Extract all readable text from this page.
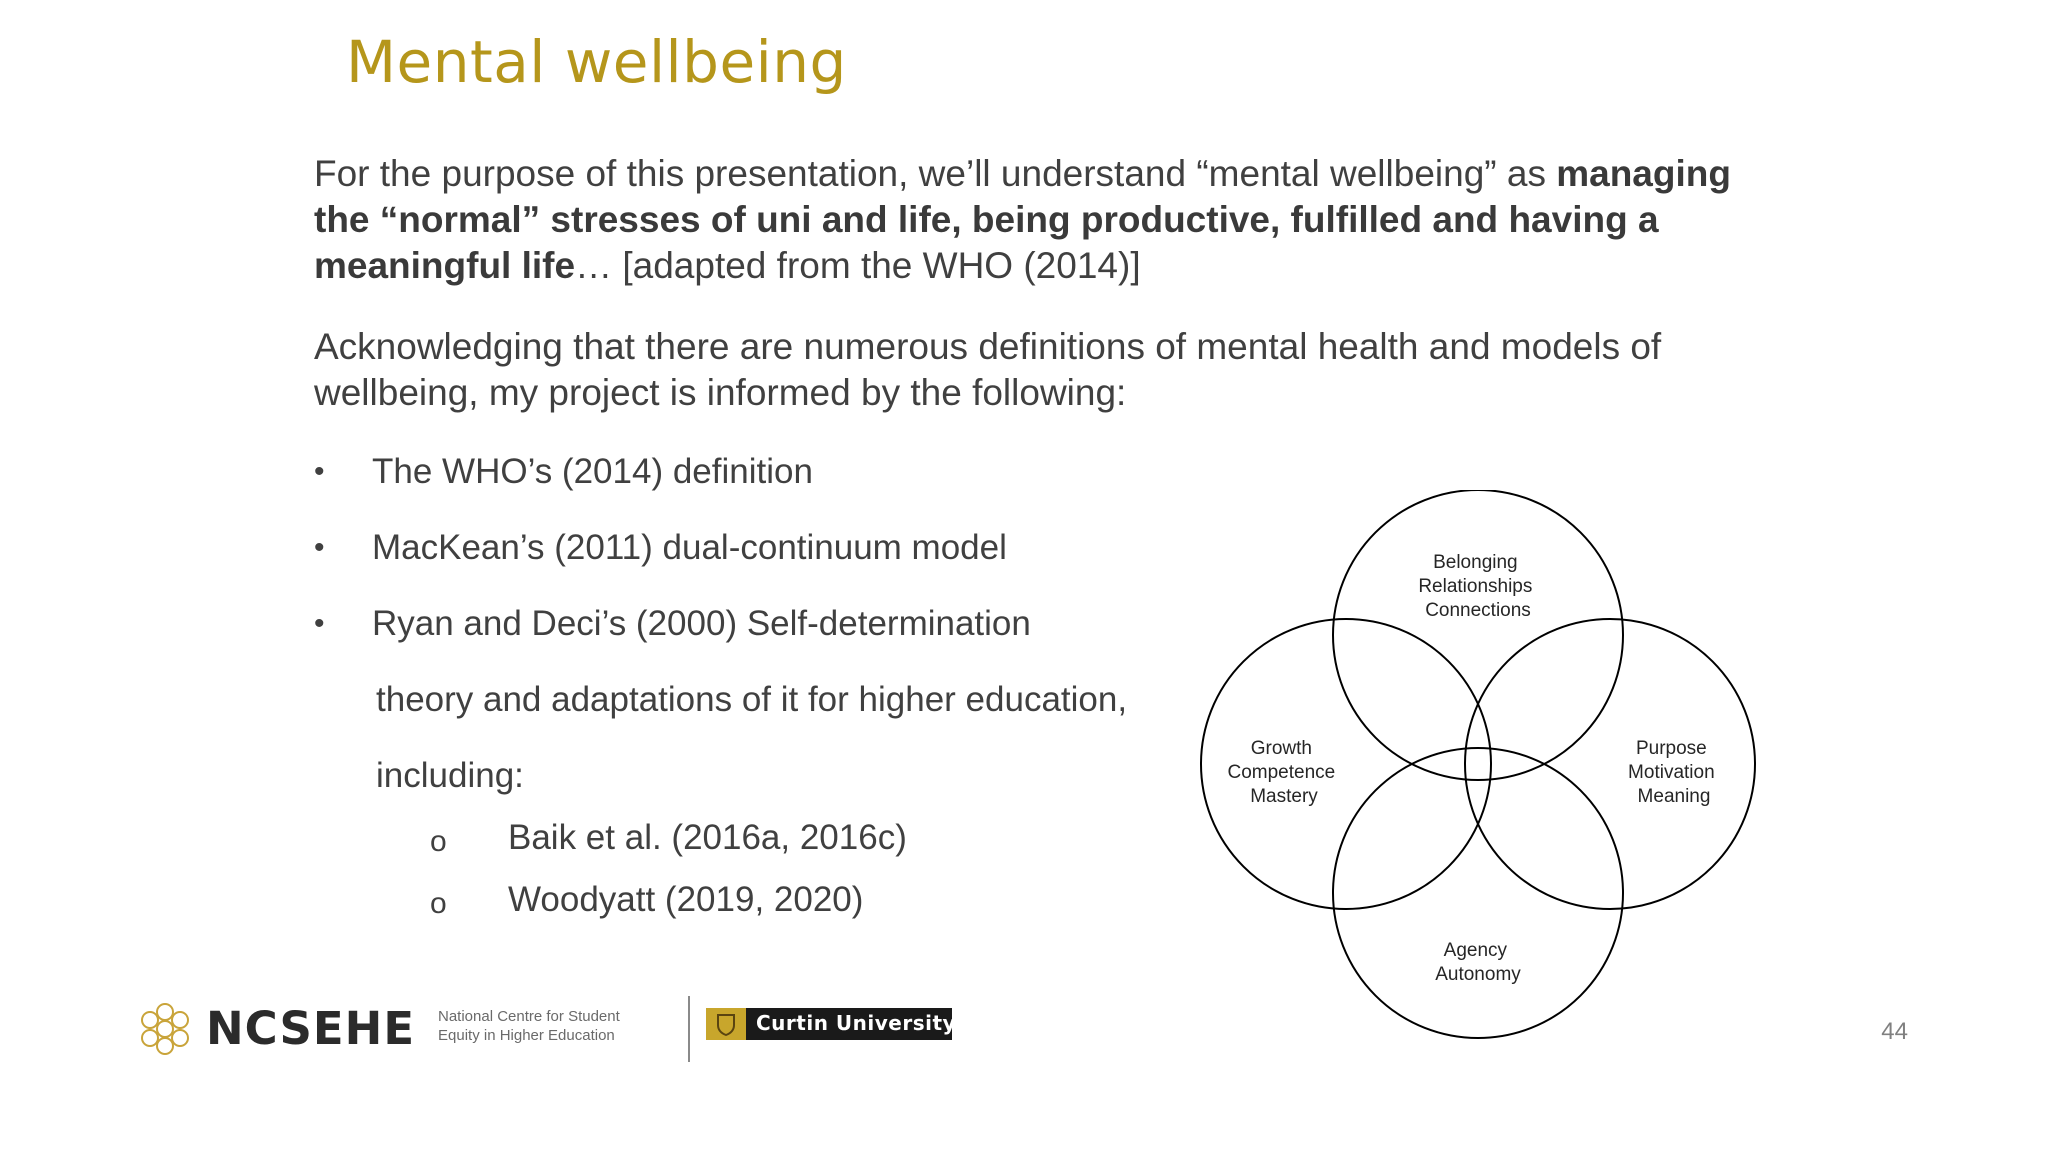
Mental wellbeing
For the purpose of this presentation, we’ll understand “mental wellbeing” as managing the “normal” stresses of uni and life, being productive, fulfilled and having a meaningful life… [adapted from the WHO (2014)]
Acknowledging that there are numerous definitions of mental health and models of wellbeing, my project is informed by the following:
• The WHO’s (2014) definition
• MacKean’s (2011) dual-continuum model
• Ryan and Deci’s (2000) Self-determination
theory and adaptations of it for higher education,
including:
o Baik et al. (2016a, 2016c)
o Woodyatt (2019, 2020)
Belonging Relationships Connections
Growth Competence Mastery
Purpose Motivation Meaning
Agency Autonomy
NCSEHE National Centre for Student
Equity in Higher Education
Curtin University	44
